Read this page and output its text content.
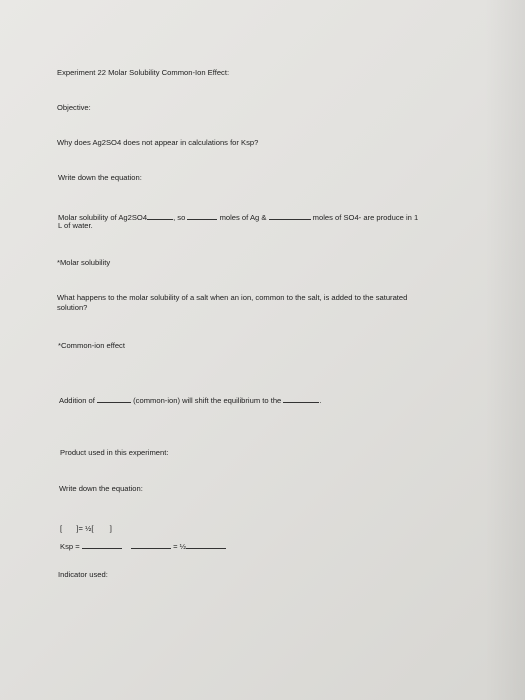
Experiment 22 Molar Solubility Common-Ion Effect:
Objective:
Why does Ag2SO4 does not appear in calculations for Ksp?
Write down the equation:
Molar solubility of Ag2SO4	, so	moles of Ag &	moles of SO4- are produce in 1
L of water.
*Molar solubility
What happens to the molar solubility of a salt when an ion, common to the salt, is added to the saturated
solution?
*Common-ion effect
Addition of	(common-ion) will shift the equilibrium to the	.
Product used in this experiment:
Write down the equation:
[ ]= ½[ ]
Ksp =	= ½
Indicator used:
